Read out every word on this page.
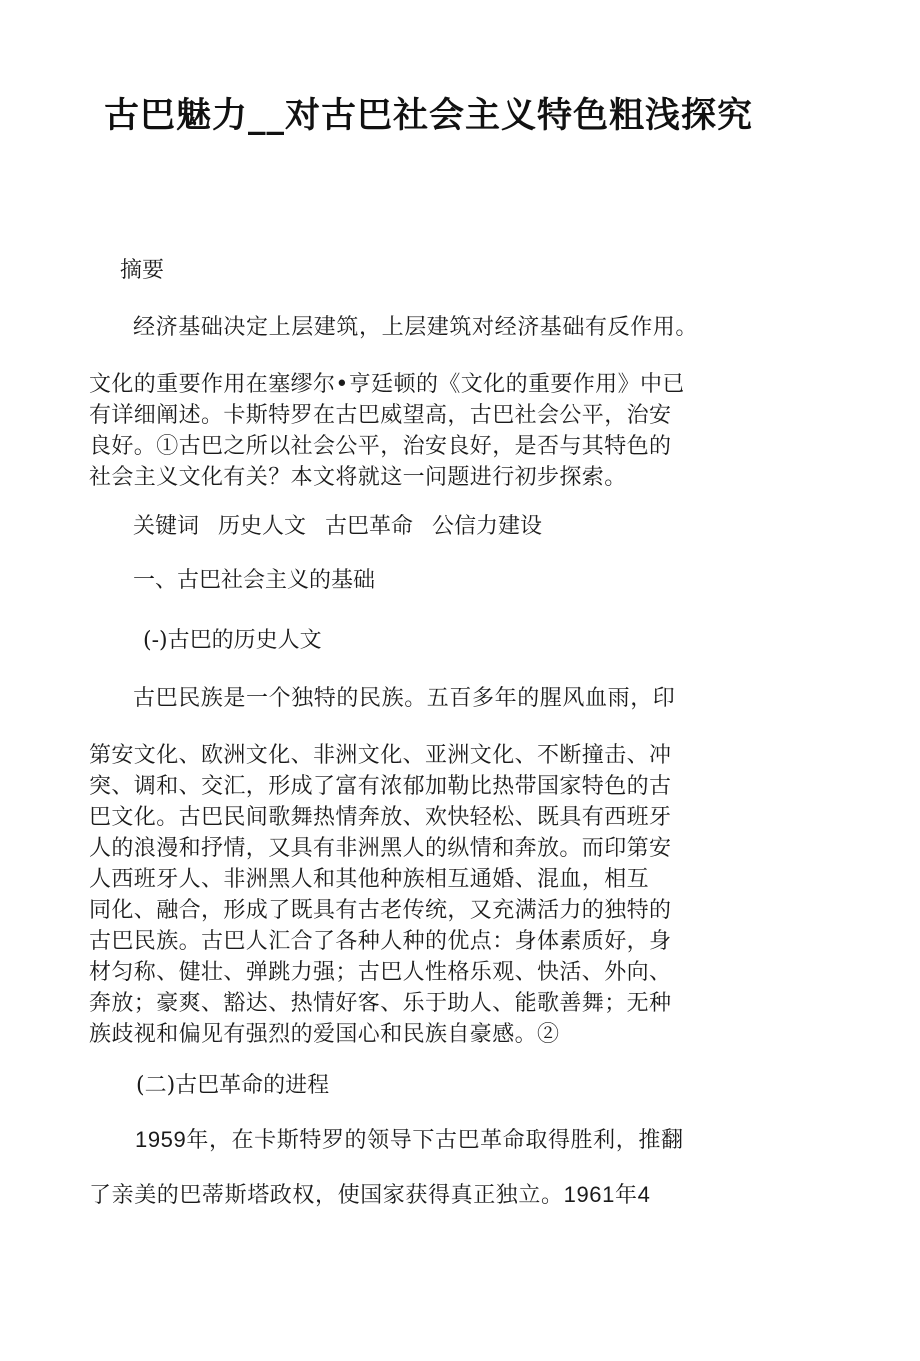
古巴魅力__对古巴社会主义特色粗浅探究
摘要
经济基础决定上层建筑，上层建筑对经济基础有反作用。
文化的重要作用在塞缪尔•亨廷顿的《文化的重要作用》中已
有详细阐述。卡斯特罗在古巴威望高，古巴社会公平，治安
良好。①古巴之所以社会公平，治安良好，是否与其特色的
社会主义文化有关？本文将就这一问题进行初步探索。
关键词 历史人文 古巴革命 公信力建设
一、古巴社会主义的基础
(-)古巴的历史人文
古巴民族是一个独特的民族。五百多年的腥风血雨，印
第安文化、欧洲文化、非洲文化、亚洲文化、不断撞击、冲
突、调和、交汇，形成了富有浓郁加勒比热带国家特色的古
巴文化。古巴民间歌舞热情奔放、欢快轻松、既具有西班牙
人的浪漫和抒情，又具有非洲黑人的纵情和奔放。而印第安
人西班牙人、非洲黑人和其他种族相互通婚、混血，相互
同化、融合，形成了既具有古老传统，又充满活力的独特的
古巴民族。古巴人汇合了各种人种的优点：身体素质好，身
材匀称、健壮、弹跳力强；古巴人性格乐观、快活、外向、
奔放；豪爽、豁达、热情好客、乐于助人、能歌善舞；无种
族歧视和偏见有强烈的爱国心和民族自豪感。②
(二)古巴革命的进程
1959年，在卡斯特罗的领导下古巴革命取得胜利，推翻
了亲美的巴蒂斯塔政权，使国家获得真正独立。1961年4
